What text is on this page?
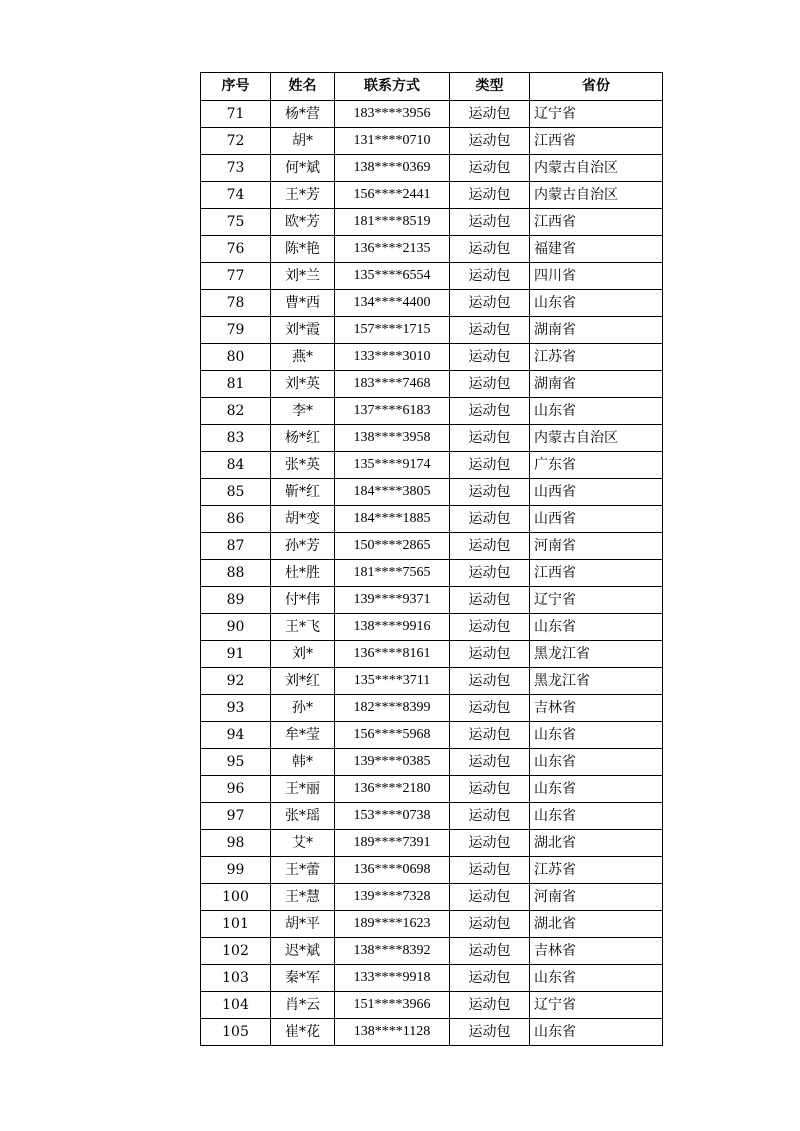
序号	姓名	联系方式	类型	省份
71	杨*营	183****3956	运动包	辽宁省
72	胡*	131****0710	运动包	江西省
73	何*斌	138****0369	运动包	内蒙古自治区
74	王*芳	156****2441	运动包	内蒙古自治区
75	欧*芳	181****8519	运动包	江西省
76	陈*艳	136****2135	运动包	福建省
77	刘*兰	135****6554	运动包	四川省
78	曹*西	134****4400	运动包	山东省
79	刘*霞	157****1715	运动包	湖南省
80	燕*	133****3010	运动包	江苏省
81	刘*英	183****7468	运动包	湖南省
82	李*	137****6183	运动包	山东省
83	杨*红	138****3958	运动包	内蒙古自治区
84	张*英	135****9174	运动包	广东省
85	靳*红	184****3805	运动包	山西省
86	胡*变	184****1885	运动包	山西省
87	孙*芳	150****2865	运动包	河南省
88	杜*胜	181****7565	运动包	江西省
89	付*伟	139****9371	运动包	辽宁省
90	王*飞	138****9916	运动包	山东省
91	刘*	136****8161	运动包	黑龙江省
92	刘*红	135****3711	运动包	黑龙江省
93	孙*	182****8399	运动包	吉林省
94	牟*莹	156****5968	运动包	山东省
95	韩*	139****0385	运动包	山东省
96	王*丽	136****2180	运动包	山东省
97	张*瑶	153****0738	运动包	山东省
98	艾*	189****7391	运动包	湖北省
99	王*蕾	136****0698	运动包	江苏省
100	王*慧	139****7328	运动包	河南省
101	胡*平	189****1623	运动包	湖北省
102	迟*斌	138****8392	运动包	吉林省
103	秦*军	133****9918	运动包	山东省
104	肖*云	151****3966	运动包	辽宁省
105	崔*花	138****1128	运动包	山东省
